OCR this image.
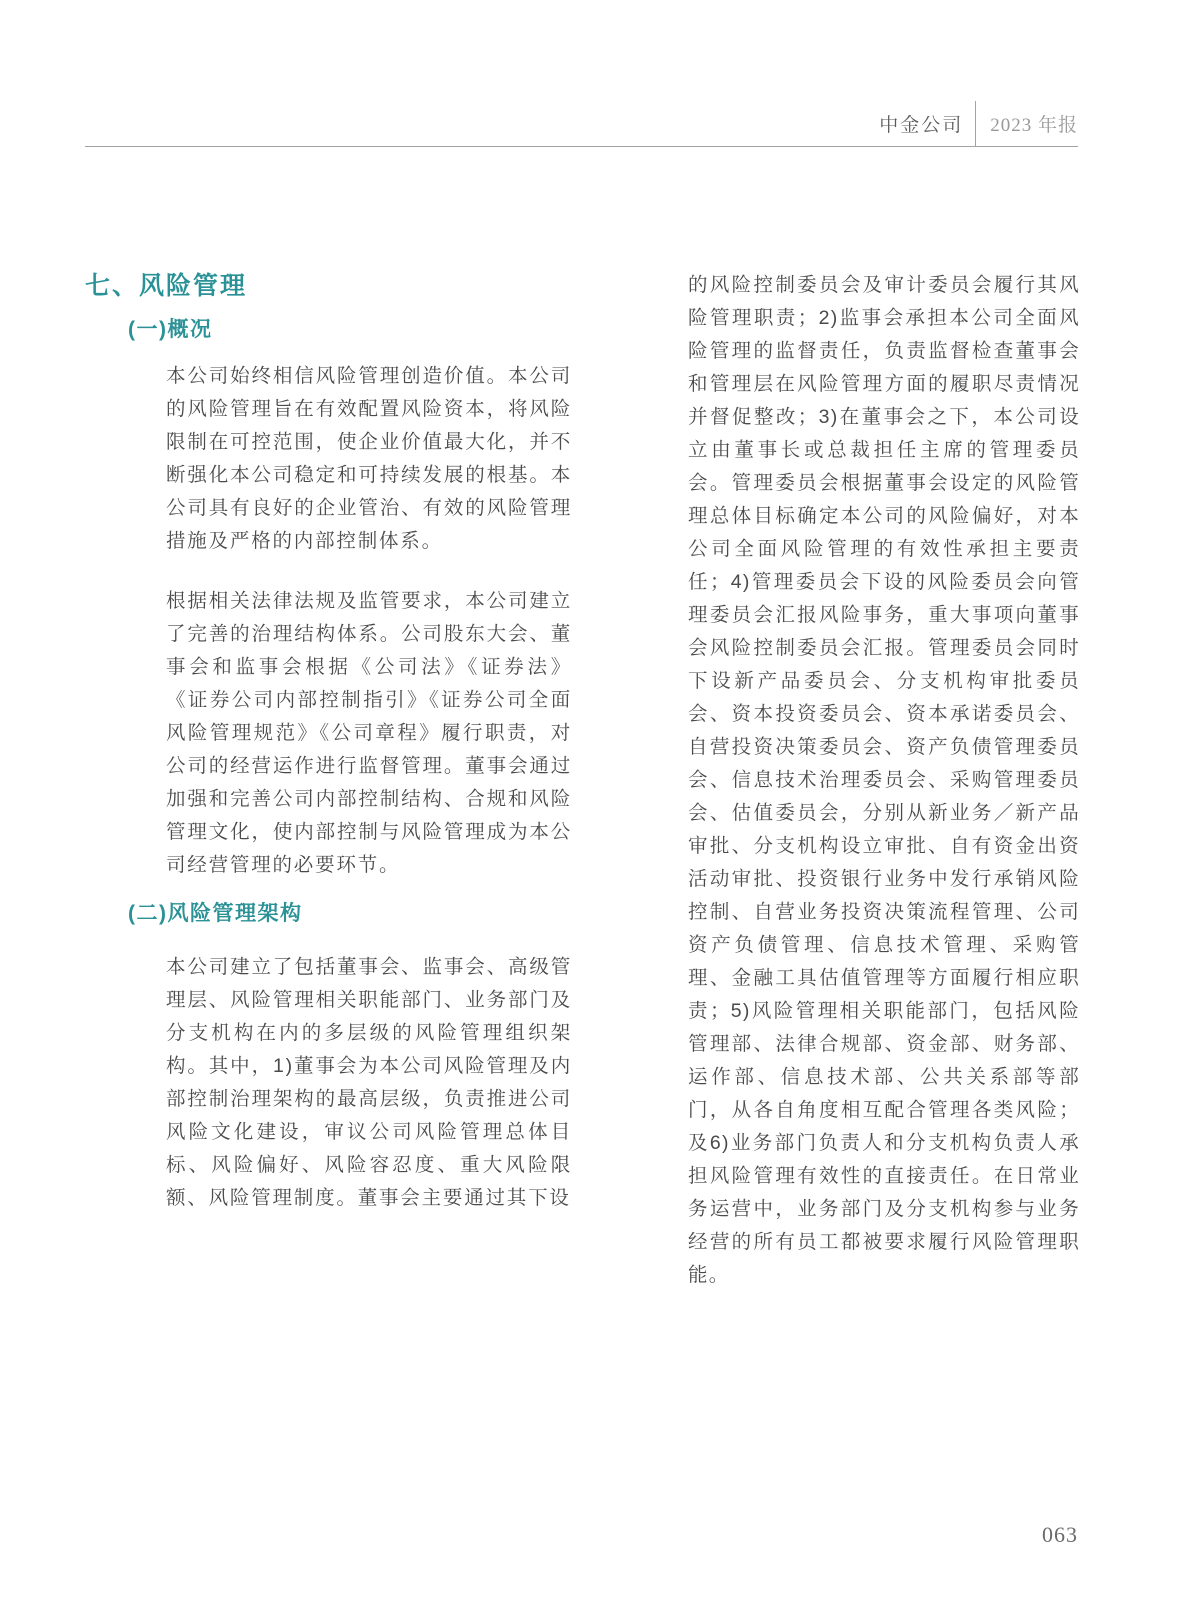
中金公司	2023 年报
七、风险管理
(一)概况
本公司始终相信风险管理创造价值。本公司的风险管理旨在有效配置风险资本，将风险限制在可控范围，使企业价值最大化，并不断强化本公司稳定和可持续发展的根基。本公司具有良好的企业管治、有效的风险管理措施及严格的内部控制体系。
根据相关法律法规及监管要求，本公司建立了完善的治理结构体系。公司股东大会、董事会和监事会根据《公司法》《证券法》《证券公司内部控制指引》《证券公司全面风险管理规范》《公司章程》履行职责，对公司的经营运作进行监督管理。董事会通过加强和完善公司内部控制结构、合规和风险管理文化，使内部控制与风险管理成为本公司经营管理的必要环节。
(二)风险管理架构
本公司建立了包括董事会、监事会、高级管理层、风险管理相关职能部门、业务部门及分支机构在内的多层级的风险管理组织架构。其中，1)董事会为本公司风险管理及内部控制治理架构的最高层级，负责推进公司风险文化建设，审议公司风险管理总体目标、风险偏好、风险容忍度、重大风险限额、风险管理制度。董事会主要通过其下设
的风险控制委员会及审计委员会履行其风险管理职责；2)监事会承担本公司全面风险管理的监督责任，负责监督检查董事会和管理层在风险管理方面的履职尽责情况并督促整改；3)在董事会之下，本公司设立由董事长或总裁担任主席的管理委员会。管理委员会根据董事会设定的风险管理总体目标确定本公司的风险偏好，对本公司全面风险管理的有效性承担主要责任；4)管理委员会下设的风险委员会向管理委员会汇报风险事务，重大事项向董事会风险控制委员会汇报。管理委员会同时下设新产品委员会、分支机构审批委员会、资本投资委员会、资本承诺委员会、自营投资决策委员会、资产负债管理委员会、信息技术治理委员会、采购管理委员会、估值委员会，分别从新业务／新产品审批、分支机构设立审批、自有资金出资活动审批、投资银行业务中发行承销风险控制、自营业务投资决策流程管理、公司资产负债管理、信息技术管理、采购管理、金融工具估值管理等方面履行相应职责；5)风险管理相关职能部门，包括风险管理部、法律合规部、资金部、财务部、运作部、信息技术部、公共关系部等部门，从各自角度相互配合管理各类风险；及6)业务部门负责人和分支机构负责人承担风险管理有效性的直接责任。在日常业务运营中，业务部门及分支机构参与业务经营的所有员工都被要求履行风险管理职能。
063
